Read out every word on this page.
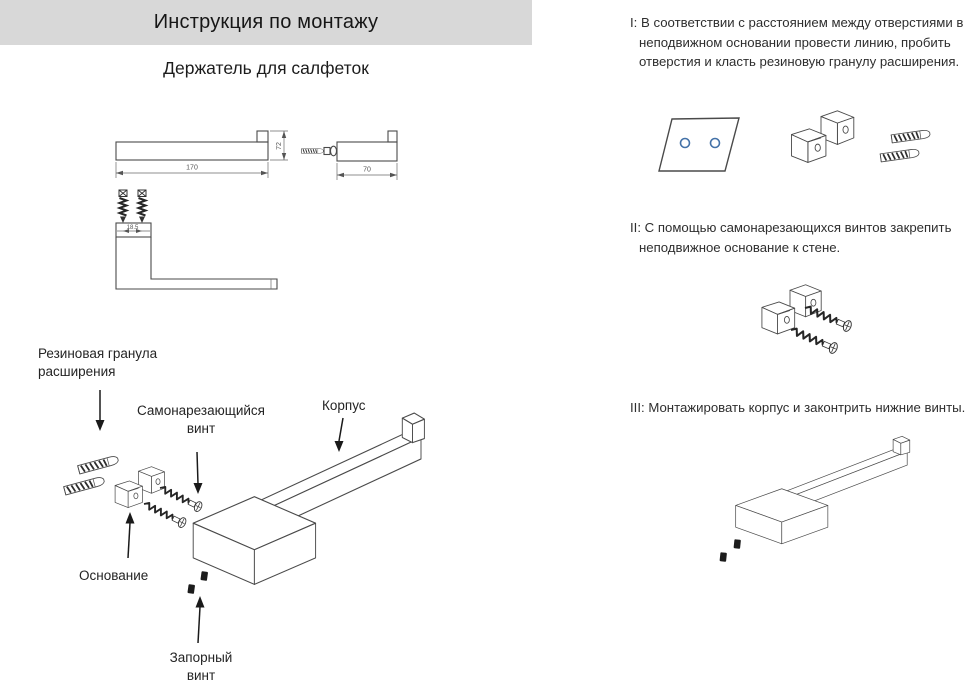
Инструкция по монтажу
Держатель для салфеток
170
72
70
18.5
Резиновая гранула расширения
Самонарезающийся винт
Корпус
Основание
Запорный винт
I: В соответствии с расстоянием между отверстиями в неподвижном основании провести линию, пробить отверстия и класть резиновую гранулу расширения.
II: С помощью самонарезающихся винтов закрепить неподвижное основание к стене.
III: Монтажировать корпус и законтрить нижние винты.
